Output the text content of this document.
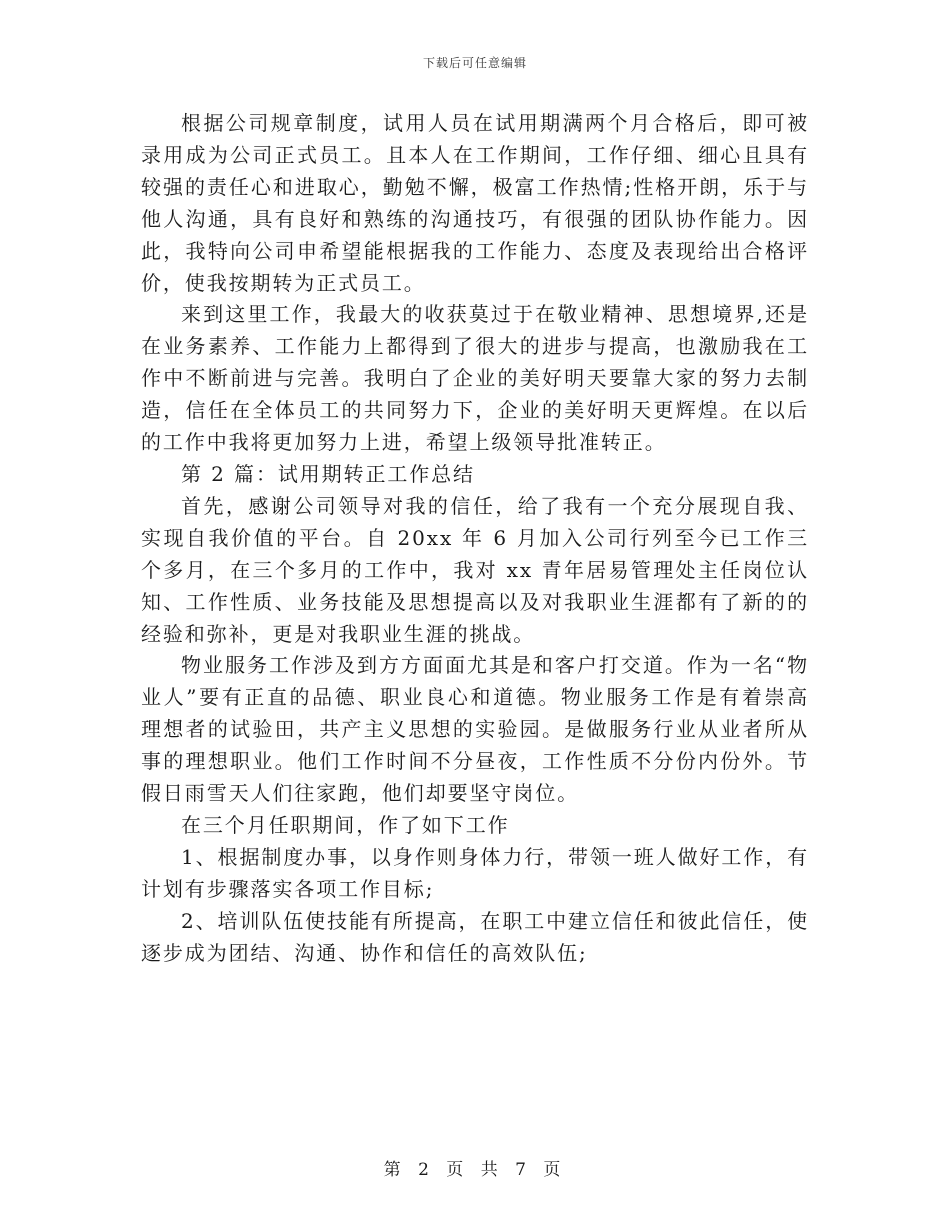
下载后可任意编辑

根据公司规章制度，试用人员在试用期满两个月合格后，即可被录用成为公司正式员工。且本人在工作期间，工作仔细、细心且具有较强的责任心和进取心，勤勉不懈，极富工作热情;性格开朗，乐于与他人沟通，具有良好和熟练的沟通技巧，有很强的团队协作能力。因此，我特向公司申希望能根据我的工作能力、态度及表现给出合格评价，使我按期转为正式员工。

来到这里工作，我最大的收获莫过于在敬业精神、思想境界,还是在业务素养、工作能力上都得到了很大的进步与提高，也激励我在工作中不断前进与完善。我明白了企业的美好明天要靠大家的努力去制造，信任在全体员工的共同努力下，企业的美好明天更辉煌。在以后的工作中我将更加努力上进，希望上级领导批准转正。

第 2 篇：试用期转正工作总结

首先，感谢公司领导对我的信任，给了我有一个充分展现自我、实现自我价值的平台。自 20xx 年 6 月加入公司行列至今已工作三个多月，在三个多月的工作中，我对 xx 青年居易管理处主任岗位认知、工作性质、业务技能及思想提高以及对我职业生涯都有了新的的经验和弥补，更是对我职业生涯的挑战。

物业服务工作涉及到方方面面尤其是和客户打交道。作为一名“物业人”要有正直的品德、职业良心和道德。物业服务工作是有着崇高理想者的试验田，共产主义思想的实验园。是做服务行业从业者所从事的理想职业。他们工作时间不分昼夜，工作性质不分份内份外。节假日雨雪天人们往家跑，他们却要坚守岗位。

在三个月任职期间，作了如下工作

1、根据制度办事，以身作则身体力行，带领一班人做好工作，有计划有步骤落实各项工作目标;

2、培训队伍使技能有所提高，在职工中建立信任和彼此信任，使逐步成为团结、沟通、协作和信任的高效队伍;

第 2 页 共 7 页
